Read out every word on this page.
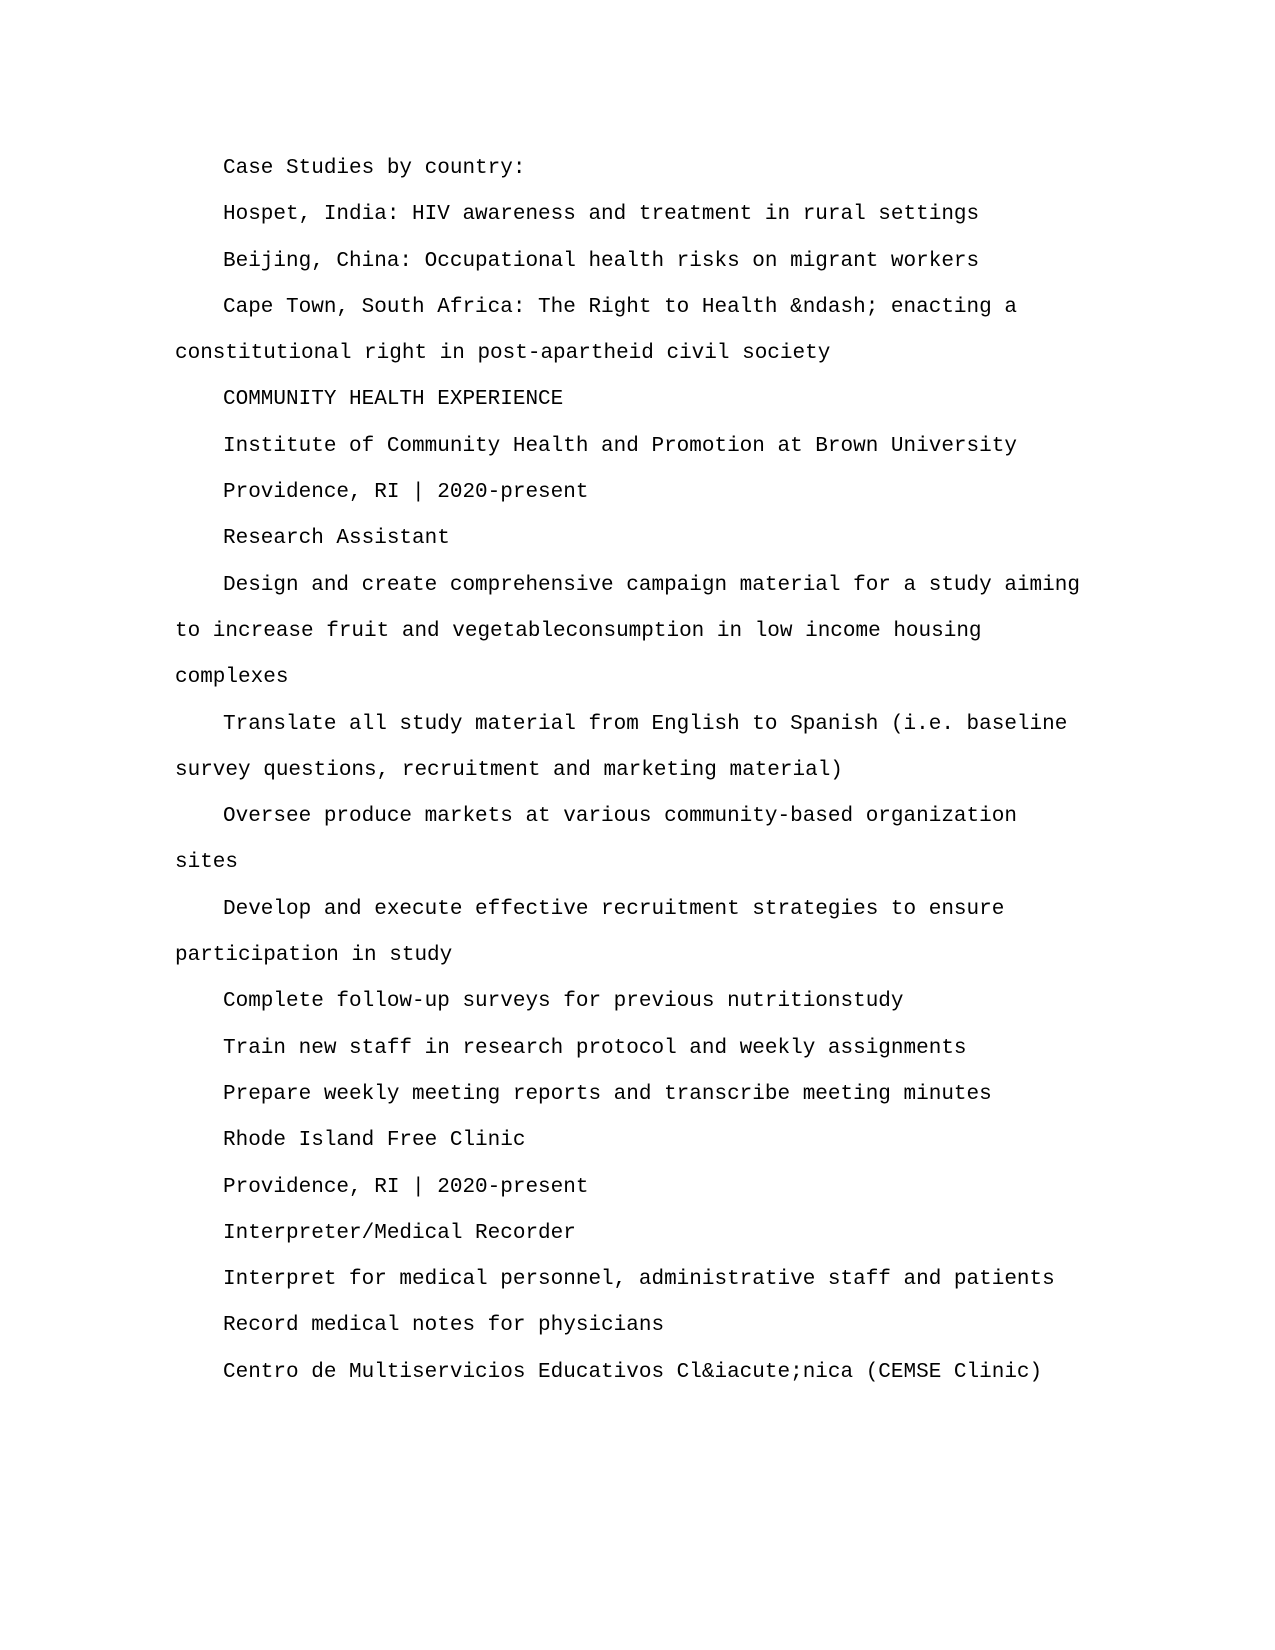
Case Studies by country:
Hospet, India: HIV awareness and treatment in rural settings
Beijing, China: Occupational health risks on migrant workers
Cape Town, South Africa: The Right to Health &ndash; enacting a
constitutional right in post-apartheid civil society
COMMUNITY HEALTH EXPERIENCE
Institute of Community Health and Promotion at Brown University
Providence, RI | 2020-present
Research Assistant
Design and create comprehensive campaign material for a study aiming
to increase fruit and vegetableconsumption in low income housing
complexes
Translate all study material from English to Spanish (i.e. baseline
survey questions, recruitment and marketing material)
Oversee produce markets at various community-based organization
sites
Develop and execute effective recruitment strategies to ensure
participation in study
Complete follow-up surveys for previous nutritionstudy
Train new staff in research protocol and weekly assignments
Prepare weekly meeting reports and transcribe meeting minutes
Rhode Island Free Clinic
Providence, RI | 2020-present
Interpreter/Medical Recorder
Interpret for medical personnel, administrative staff and patients
Record medical notes for physicians
Centro de Multiservicios Educativos Cl&iacute;nica (CEMSE Clinic)
